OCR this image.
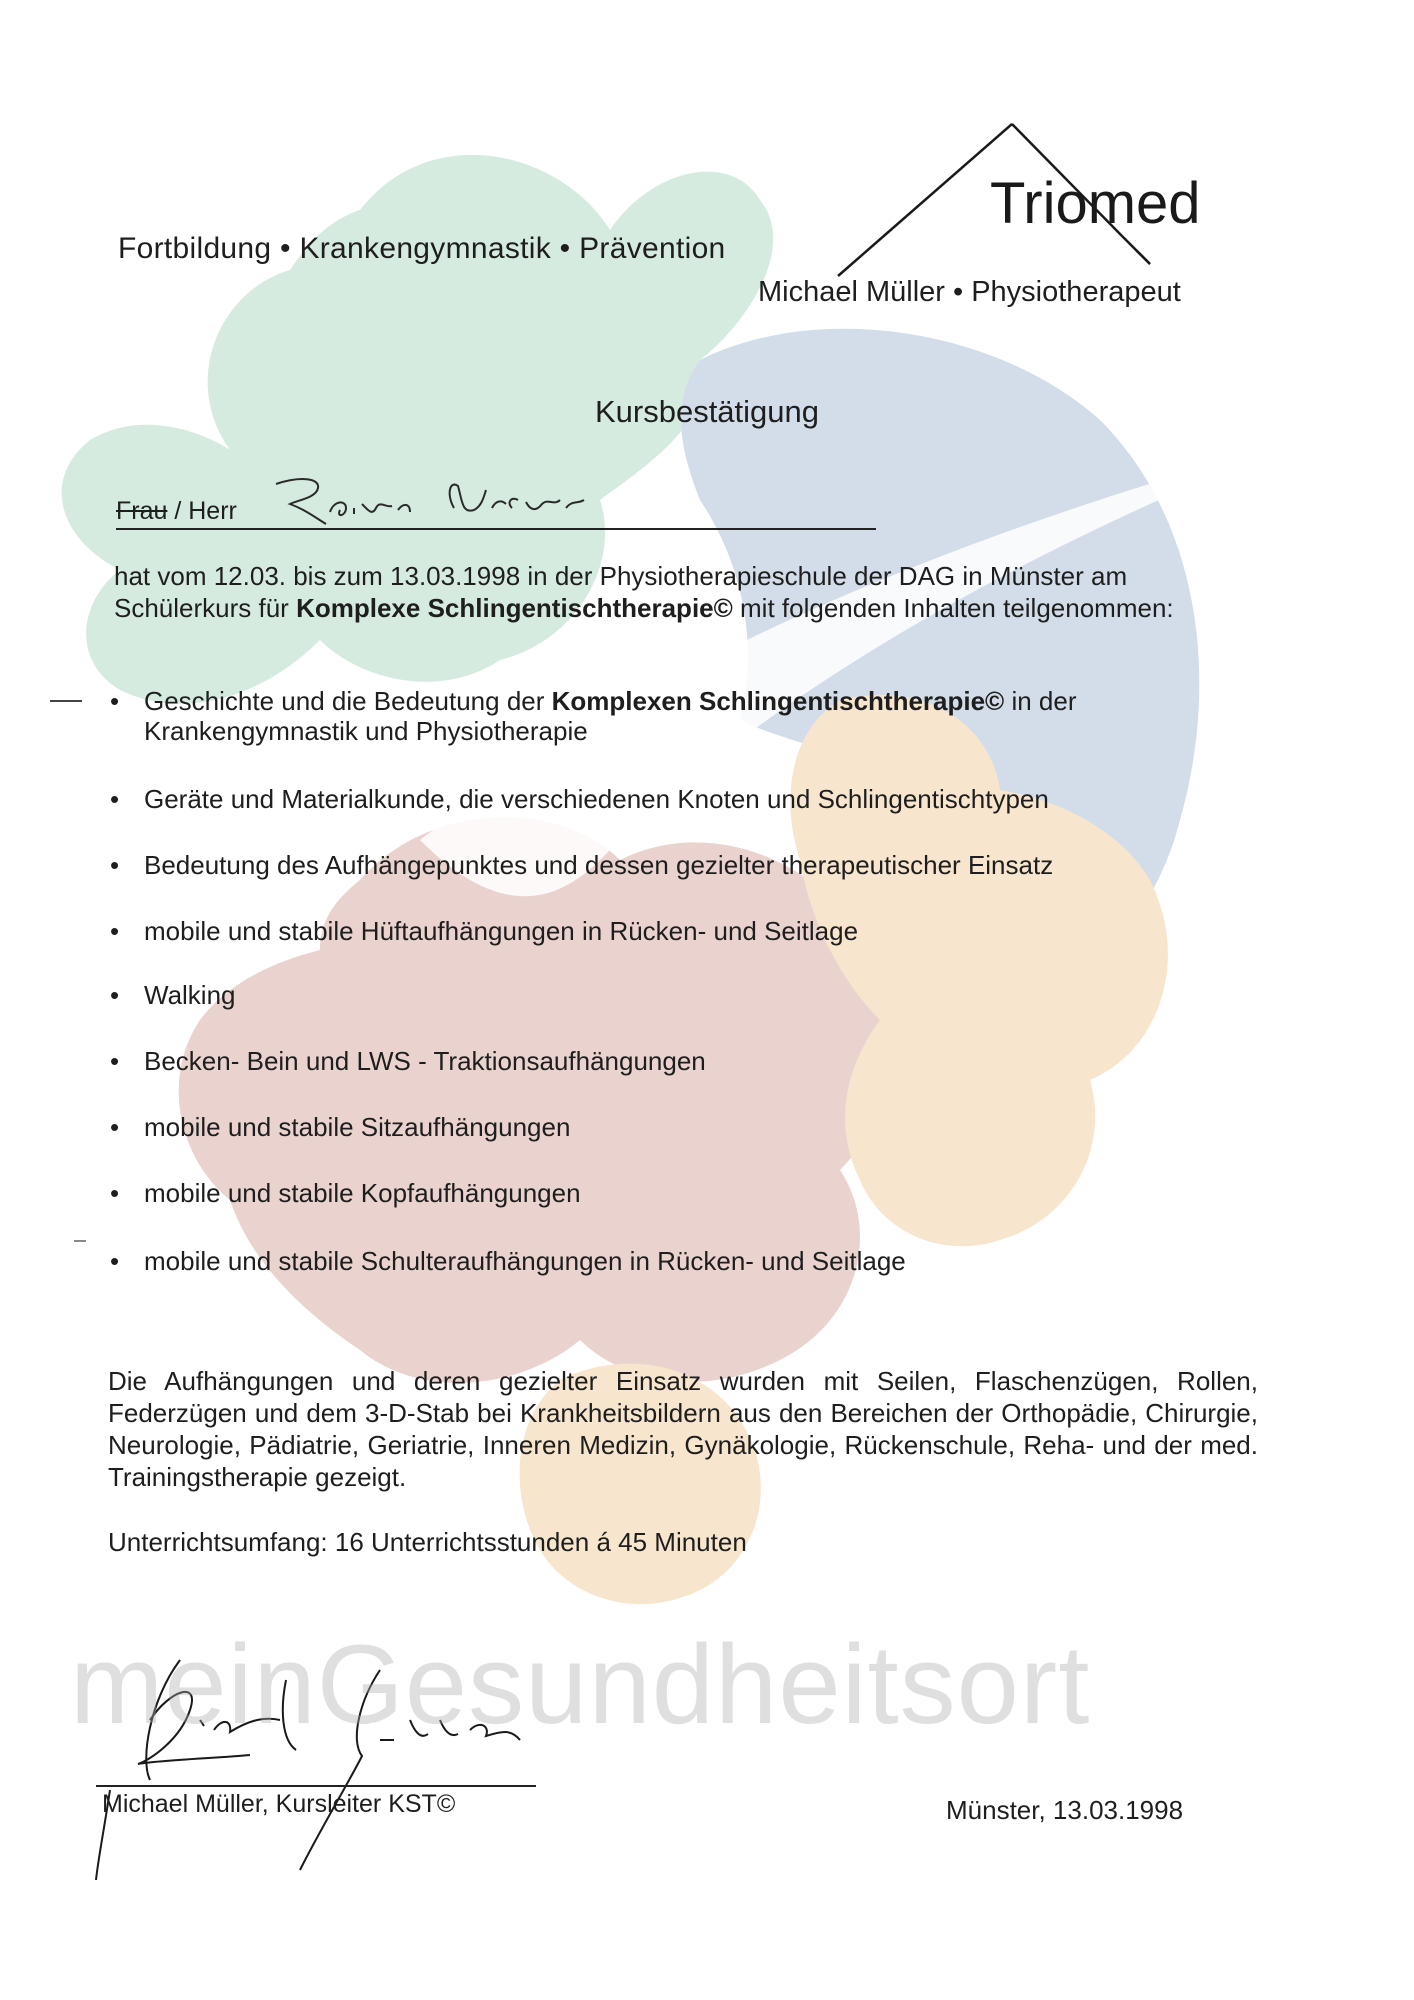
Fortbildung • Krankengymnastik • Prävention
Triomed
Michael Müller • Physiotherapeut
Kursbestätigung
Frau / Herr
hat vom 12.03. bis zum 13.03.1998 in der Physiotherapieschule der DAG in Münster am Schülerkurs für Komplexe Schlingentischtherapie© mit folgenden Inhalten teilgenommen:
• Geschichte und die Bedeutung der Komplexen Schlingentischtherapie© in der Krankengymnastik und Physiotherapie
• Geräte und Materialkunde, die verschiedenen Knoten und Schlingentischtypen
• Bedeutung des Aufhängepunktes und dessen gezielter therapeutischer Einsatz
• mobile und stabile Hüftaufhängungen in Rücken- und Seitlage
• Walking
• Becken- Bein und LWS - Traktionsaufhängungen
• mobile und stabile Sitzaufhängungen
• mobile und stabile Kopfaufhängungen
• mobile und stabile Schulteraufhängungen in Rücken- und Seitlage
Die Aufhängungen und deren gezielter Einsatz wurden mit Seilen, Flaschenzügen, Rollen, Federzügen und dem 3-D-Stab bei Krankheitsbildern aus den Bereichen der Orthopädie, Chirurgie, Neurologie, Pädiatrie, Geriatrie, Inneren Medizin, Gynäkologie, Rückenschule, Reha- und der med. Trainingstherapie gezeigt.
Unterrichtsumfang: 16 Unterrichtsstunden á 45 Minuten
meinGesundheitsort
Michael Müller, Kursleiter KST©	Münster, 13.03.1998
